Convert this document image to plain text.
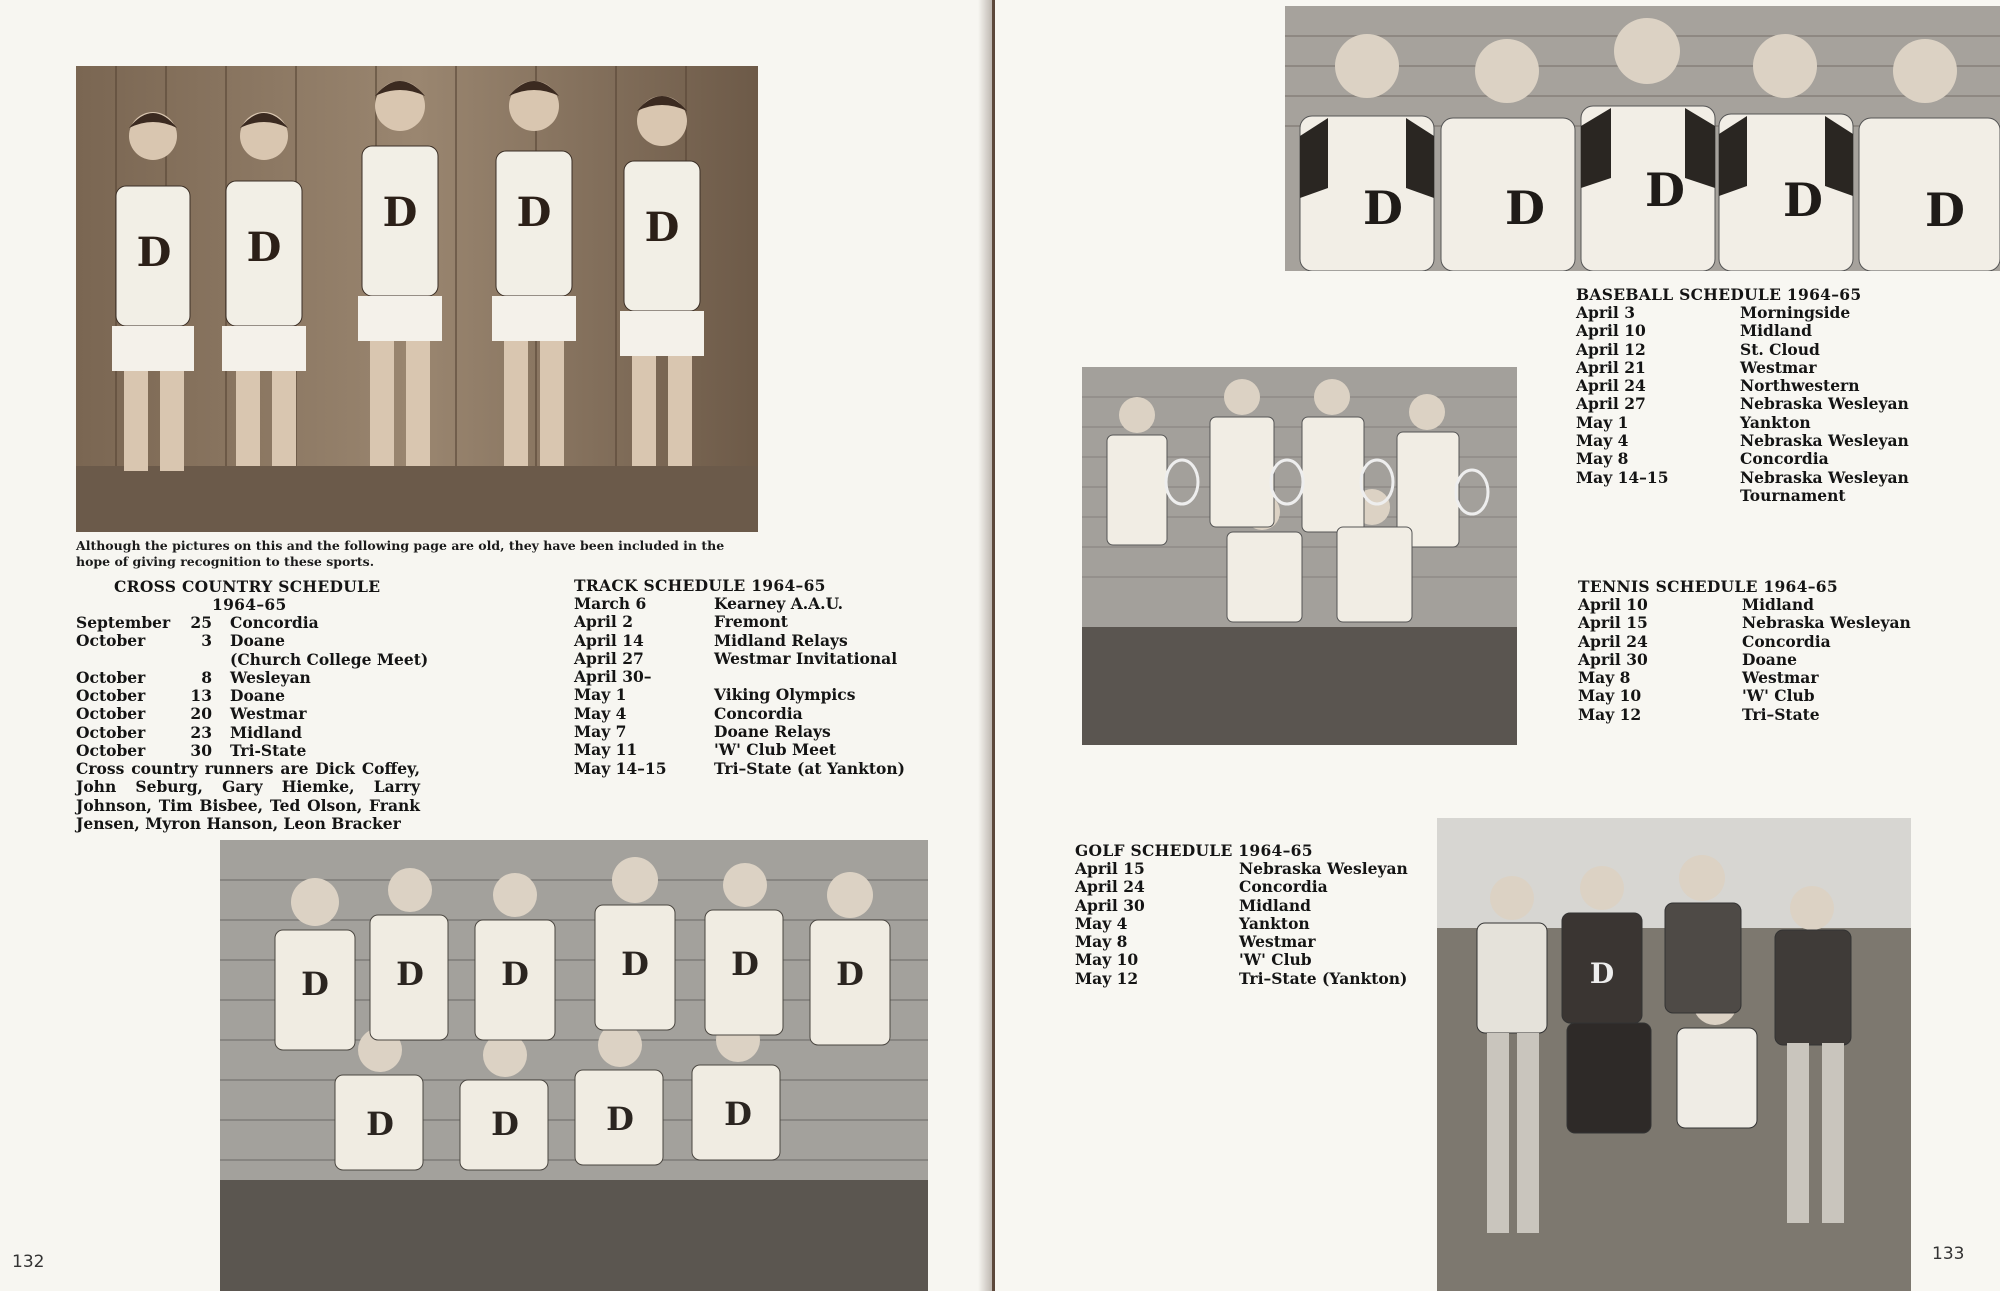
D D
D D D

Although the pictures on this and the following page are old, they have been included in the hope of giving recognition to these sports.

CROSS COUNTRY SCHEDULE
1964–65
September	25	Concordia
October	3	Doane
(Church College Meet)
October	8	Wesleyan
October	13	Doane
October	20	Westmar
October	23	Midland
October	30	Tri-State

Cross country runners are Dick Coffey, John Seburg, Gary Hiemke, Larry Johnson, Tim Bisbee, Ted Olson, Frank Jensen, Myron Hanson, Leon Bracker

TRACK SCHEDULE 1964–65
March 6	Kearney A.A.U.
April 2	Fremont
April 14	Midland Relays
April 27	Westmar Invitational
April 30–
May 1	Viking Olympics
May 4	Concordia
May 7	Doane Relays
May 11	'W' Club Meet
May 14–15	Tri–State (at Yankton)
D D D	D	D D
D	D	D	D
132
D D D D D
BASEBALL SCHEDULE 1964–65
April 3	Morningside
April 10	Midland
April 12	St. Cloud
April 21	Westmar
April 24	Northwestern
April 27	Nebraska Wesleyan
May 1	Yankton
May 4	Nebraska Wesleyan
May 8	Concordia
May 14–15	Nebraska Wesleyan
Tournament
TENNIS SCHEDULE 1964–65
April 10	Midland
April 15	Nebraska Wesleyan
April 24	Concordia
April 30	Doane
May 8	Westmar
May 10	'W' Club
May 12	Tri–State
GOLF SCHEDULE 1964–65
April 15	Nebraska Wesleyan
April 24	Concordia
April 30	Midland
May 4	Yankton
May 8	Westmar
May 10	'W' Club
May 12	Tri–State (Yankton)	D
133
